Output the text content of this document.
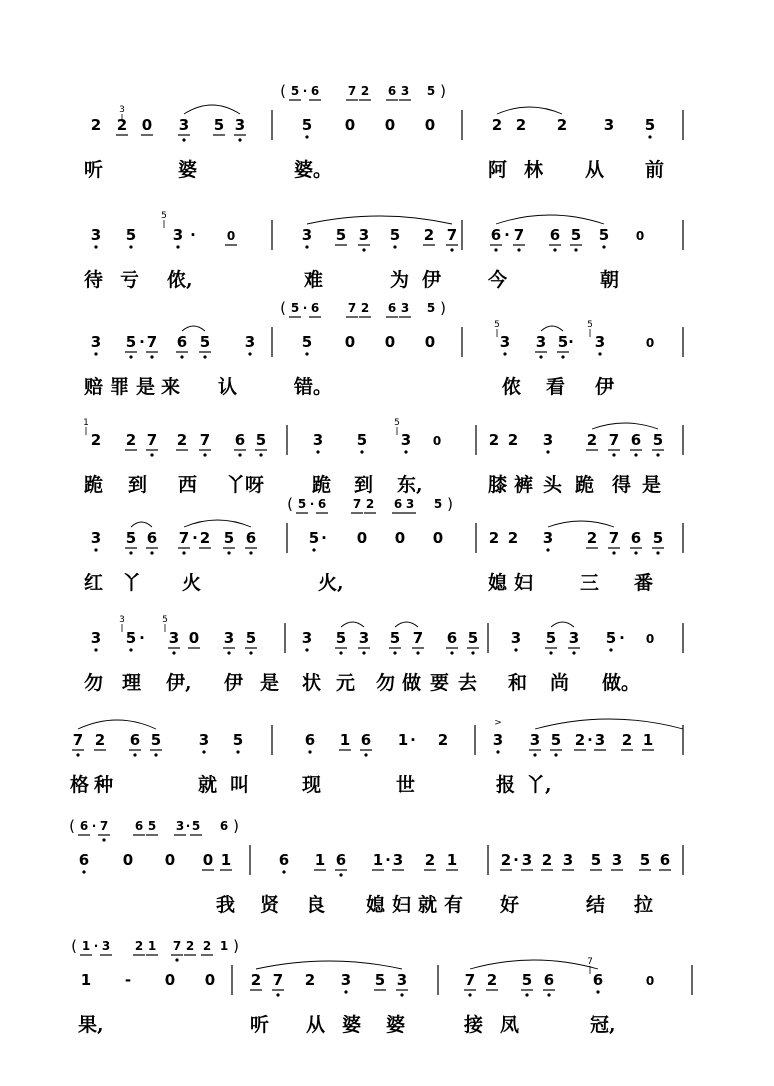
(	)
5 · 6 7 2 6 3 5
2 2 0 3 5 3	5 0 0 0	2 2 2 3 5
3
听	婆	婆。	阿 林 从 前
3 5 3 ·	0	3 5 3 5 2 7 6 · 7 6 5 5 0
5
待 亏 侬,	难	为 伊 今	朝
(	)
5 · 6 7 2 6 3 5
3 5 · 7 6 5 3	5 0 0 0	3 3 5 · 3	0
5	5
赔 罪 是 来 认	错。	侬 看 伊
2 2 7 2 7 6 5	3 5 3 0	2 2 3 2 7 6 5
1	5
跪 到 西 丫呀	跪 到 东,	膝 裤 头 跪 得 是
(	)
5 · 6 7 2 6 3 5
3 5 6 7 · 2 5 6	5 · 0 0 0	2 2 3 2 7 6 5
红 丫 火	火,	媳 妇 三 番
3 5 · 3 0 3 5	3 5 3 5 7 6 5 3 5 3 5 · 0
3	5
勿 理 伊, 伊 是 状 元 勿 做 要 去 和 尚 做。
7 2 6 5	3 5	6 1 6 1 · 2	3 3 5 2 · 3 2 1
>
格 种	就 叫	现	世	报 丫,
(	)
6 · 7 6 5 3 · 5 6
6 0 0 0 1	6 1 6 1 · 3 2 1	2 · 3 2 3 5 3 5 6
我 贤 良 媳 妇 就 有 好	结 拉
(	)
1 · 3 2 1 7 2 2 1
1 - 0 0 2 7 2 3 5 3	7 2 5 6	6	0
7
果,	听 从 婆 婆	接 凤	冠,
